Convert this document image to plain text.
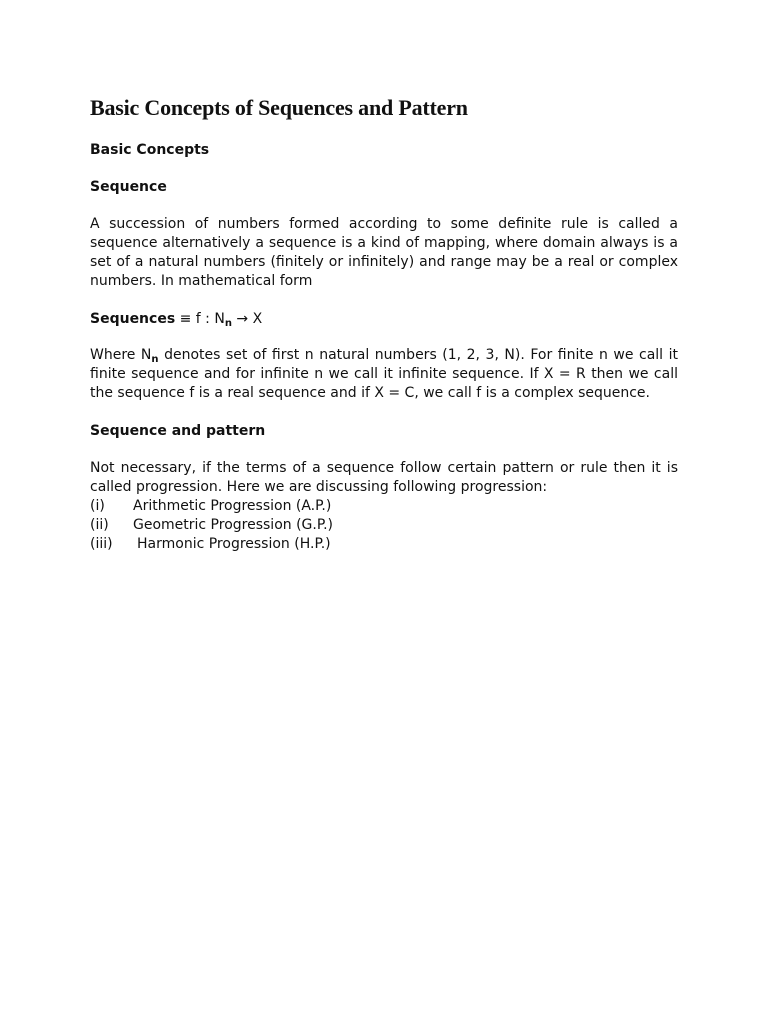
Basic Concepts of Sequences and Pattern
Basic Concepts
Sequence

A succession of numbers formed according to some definite rule is called a sequence alternatively a sequence is a kind of mapping, where domain always is a set of a natural numbers (finitely or infinitely) and range may be a real or complex numbers. In mathematical form

Sequences ≡ f : $N_n \to X$

Where $N_n$ denotes set of first n natural numbers (1, 2, 3, N). For finite n we call it finite sequence and for infinite n we call it infinite sequence. If X = R then we call the sequence f is a real sequence and if X = C, we call f is a complex sequence.

Sequence and pattern

Not necessary, if the terms of a sequence follow certain pattern or rule then it is called progression. Here we are discussing following progression:

(i)	Arithmetic Progression (A.P.)
(ii)	Geometric Progression (G.P.)
(iii)	Harmonic Progression (H.P.)
